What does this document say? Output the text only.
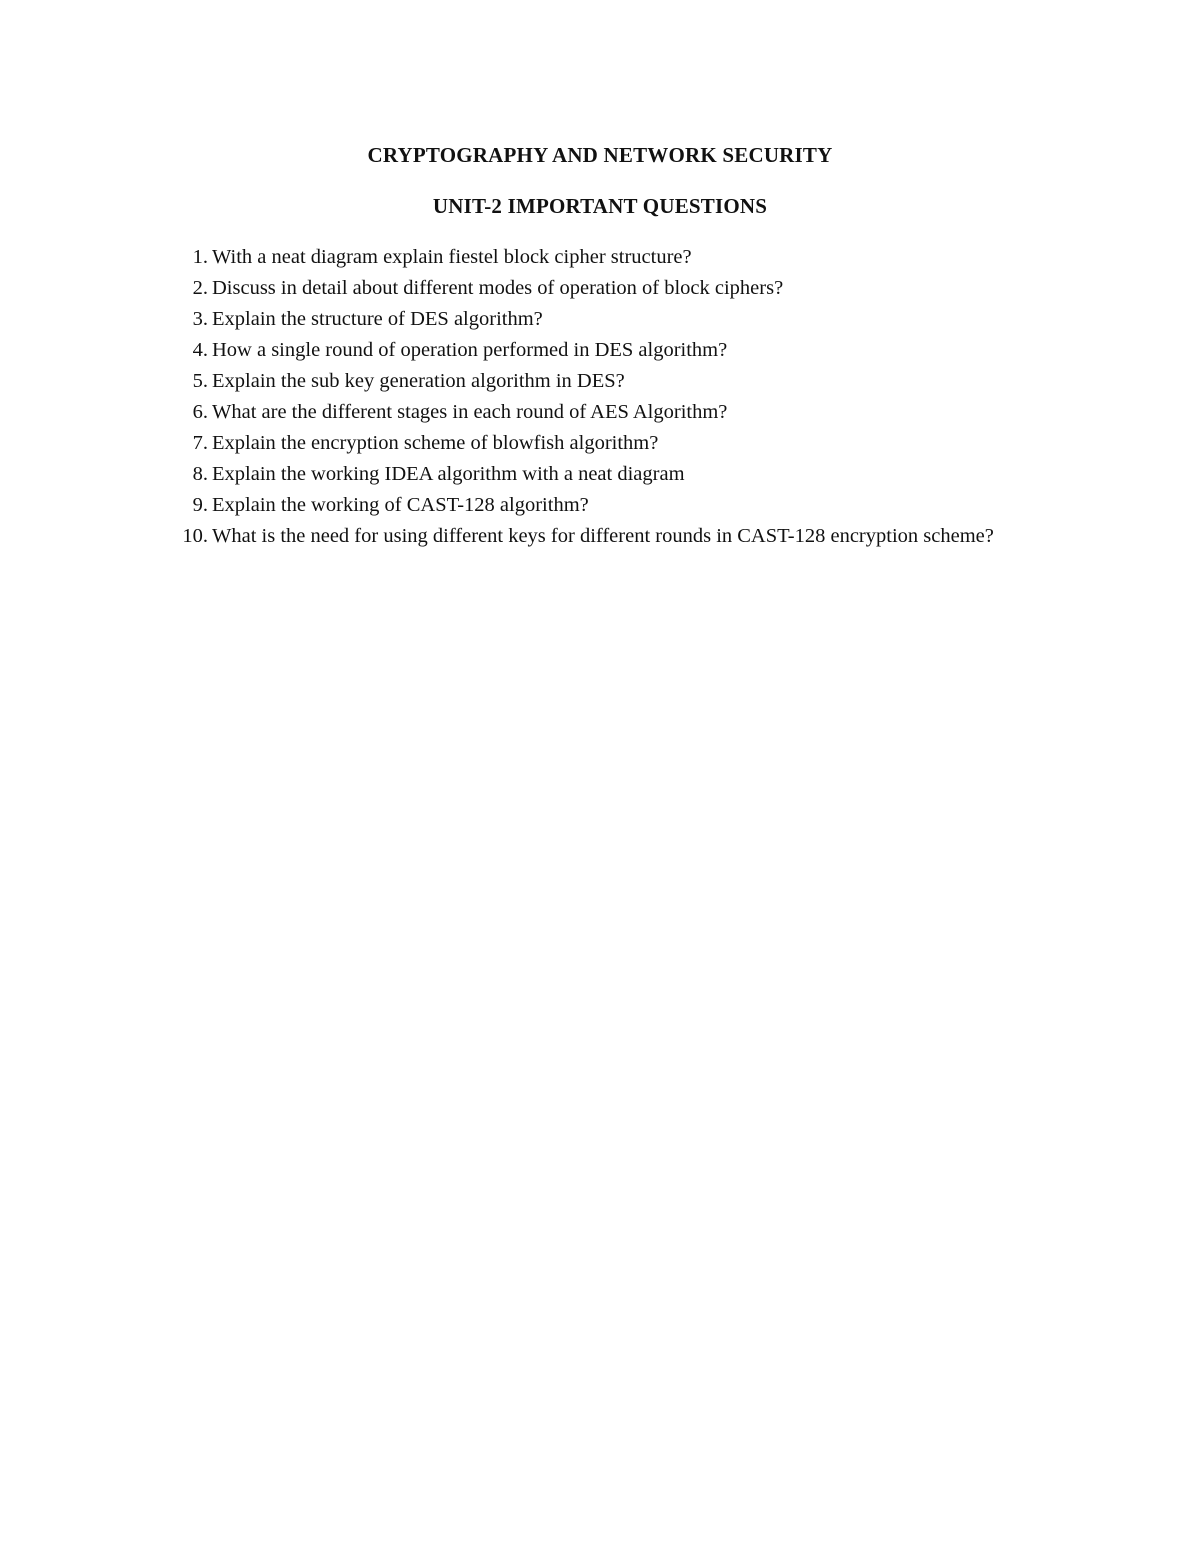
CRYPTOGRAPHY AND NETWORK SECURITY
UNIT-2 IMPORTANT QUESTIONS
1. With a neat diagram explain fiestel block cipher structure?
2. Discuss in detail about different modes of operation of block ciphers?
3. Explain the structure of DES algorithm?
4. How a single round of operation performed in DES algorithm?
5. Explain the sub key generation algorithm in DES?
6. What are the different stages in each round of AES Algorithm?
7. Explain the encryption scheme of blowfish algorithm?
8. Explain the working IDEA algorithm with a neat diagram
9. Explain the working of CAST-128 algorithm?
10. What is the need for using different keys for different rounds in CAST-128 encryption scheme?
